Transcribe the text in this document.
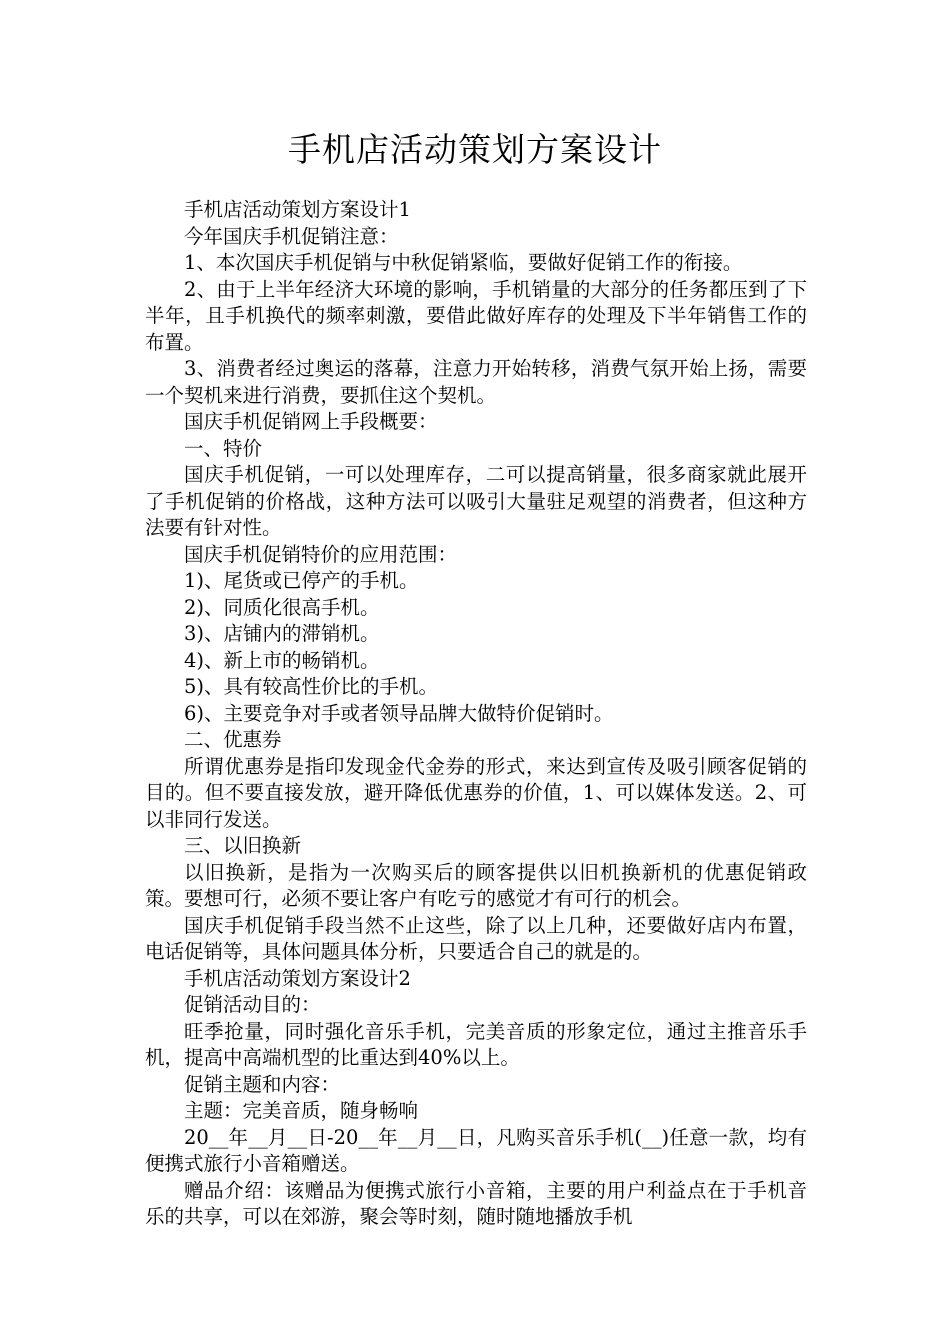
手机店活动策划方案设计

手机店活动策划方案设计1

今年国庆手机促销注意：

1、本次国庆手机促销与中秋促销紧临，要做好促销工作的衔接。

2、由于上半年经济大环境的影响，手机销量的大部分的任务都压到了下半年，且手机换代的频率刺激，要借此做好库存的处理及下半年销售工作的布置。

3、消费者经过奥运的落幕，注意力开始转移，消费气氛开始上扬，需要一个契机来进行消费，要抓住这个契机。

国庆手机促销网上手段概要：

一、特价

国庆手机促销，一可以处理库存，二可以提高销量，很多商家就此展开了手机促销的价格战，这种方法可以吸引大量驻足观望的消费者，但这种方法要有针对性。

国庆手机促销特价的应用范围：

1)、尾货或已停产的手机。

2)、同质化很高手机。

3)、店铺内的滞销机。

4)、新上市的畅销机。

5)、具有较高性价比的手机。

6)、主要竞争对手或者领导品牌大做特价促销时。

二、优惠券

所谓优惠券是指印发现金代金券的形式，来达到宣传及吸引顾客促销的目的。但不要直接发放，避开降低优惠券的价值，1、可以媒体发送。2、可以非同行发送。

三、以旧换新

以旧换新，是指为一次购买后的顾客提供以旧机换新机的优惠促销政策。要想可行，必须不要让客户有吃亏的感觉才有可行的机会。

国庆手机促销手段当然不止这些，除了以上几种，还要做好店内布置，电话促销等，具体问题具体分析，只要适合自己的就是的。

手机店活动策划方案设计2

促销活动目的：

旺季抢量，同时强化音乐手机，完美音质的形象定位，通过主推音乐手机，提高中高端机型的比重达到40%以上。

促销主题和内容：

主题：完美音质，随身畅响

20__年__月__日-20__年__月__日，凡购买音乐手机(__)任意一款，均有便携式旅行小音箱赠送。

赠品介绍：该赠品为便携式旅行小音箱，主要的用户利益点在于手机音乐的共享，可以在郊游，聚会等时刻，随时随地播放手机
